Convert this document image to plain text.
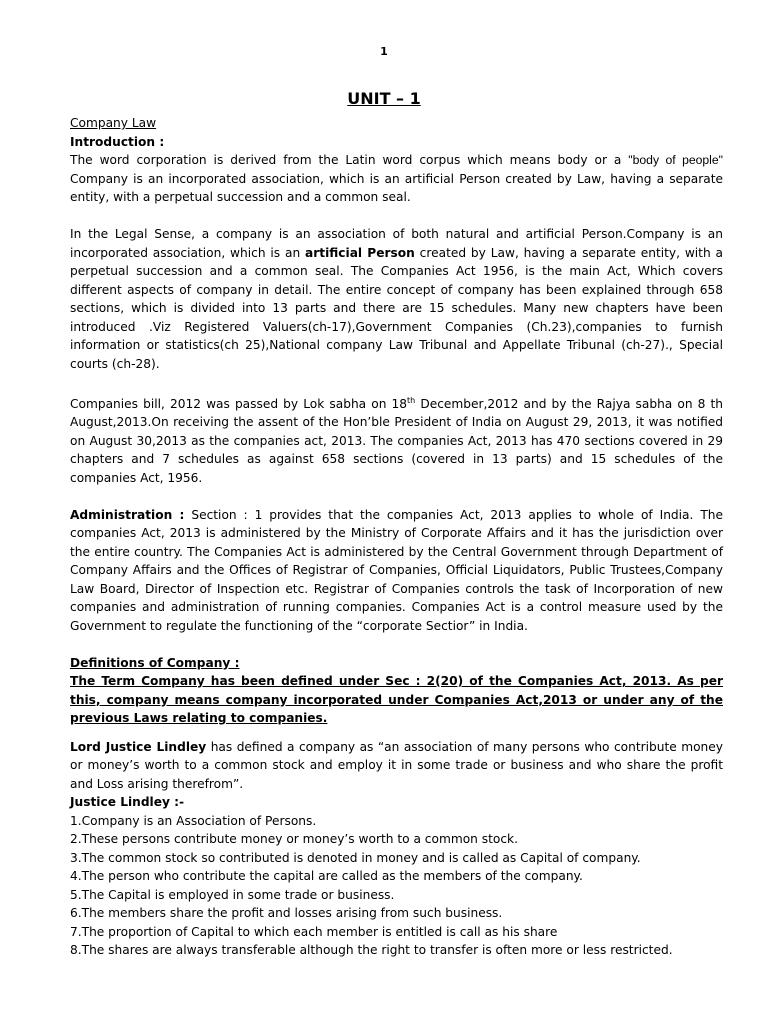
1
UNIT – 1

Company Law

Introduction :

The word corporation is derived from the Latin word corpus which means body or a "body of people" Company is an incorporated association, which is an artificial Person created by Law, having a separate entity, with a perpetual succession and a common seal.

In the Legal Sense, a company is an association of both natural and artificial Person.Company is an incorporated association, which is an artificial Person created by Law, having a separate entity, with a perpetual succession and a common seal. The Companies Act 1956, is the main Act, Which covers different aspects of company in detail. The entire concept of company has been explained through 658 sections, which is divided into 13 parts and there are 15 schedules. Many new chapters have been introduced .Viz Registered Valuers(ch-17),Government Companies (Ch.23),companies to furnish information or statistics(ch 25),National company Law Tribunal and Appellate Tribunal (ch-27)., Special courts (ch-28).

Companies bill, 2012 was passed by Lok sabha on 18th December,2012 and by the Rajya sabha on 8 th August,2013.On receiving the assent of the Hon’ble President of India on August 29, 2013, it was notified on August 30,2013 as the companies act, 2013. The companies Act, 2013 has 470 sections covered in 29 chapters and 7 schedules as against 658 sections (covered in 13 parts) and 15 schedules of the companies Act, 1956.

Administration : Section : 1 provides that the companies Act, 2013 applies to whole of India. The companies Act, 2013 is administered by the Ministry of Corporate Affairs and it has the jurisdiction over the entire country. The Companies Act is administered by the Central Government through Department of Company Affairs and the Offices of Registrar of Companies, Official Liquidators, Public Trustees,Company Law Board, Director of Inspection etc. Registrar of Companies controls the task of Incorporation of new companies and administration of running companies. Companies Act is a control measure used by the Government to regulate the functioning of the “corporate Sectior” in India.

Definitions of Company :

The Term Company has been defined under Sec : 2(20) of the Companies Act, 2013. As per this, company means company incorporated under Companies Act,2013 or under any of the previous Laws relating to companies.

Lord Justice Lindley has defined a company as “an association of many persons who contribute money or money’s worth to a common stock and employ it in some trade or business and who share the profit and Loss arising therefrom”.

Justice Lindley :-

1.Company is an Association of Persons.

2.These persons contribute money or money’s worth to a common stock.

3.The common stock so contributed is denoted in money and is called as Capital of company.

4.The person who contribute the capital are called as the members of the company.

5.The Capital is employed in some trade or business.

6.The members share the profit and losses arising from such business.

7.The proportion of Capital to which each member is entitled is call as his share

8.The shares are always transferable although the right to transfer is often more or less restricted.
